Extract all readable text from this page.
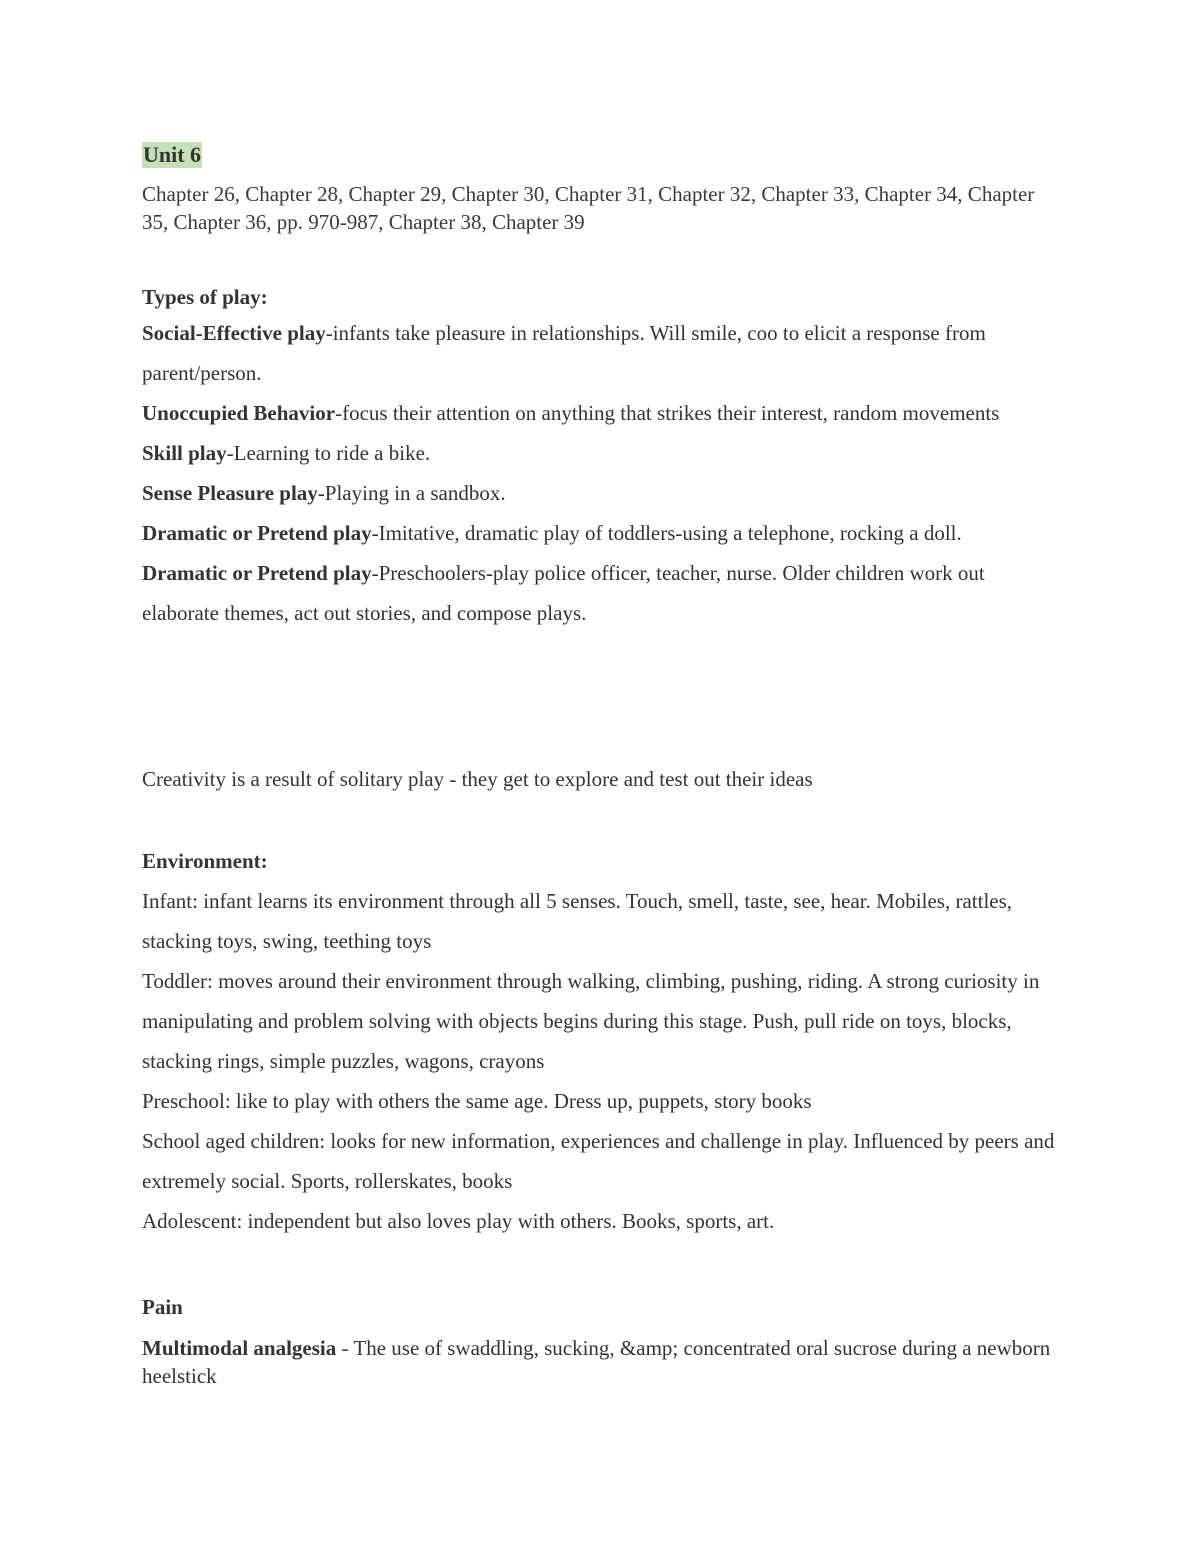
Unit 6
Chapter 26, Chapter 28, Chapter 29, Chapter 30, Chapter 31, Chapter 32, Chapter 33, Chapter 34, Chapter 35, Chapter 36, pp. 970-987, Chapter 38, Chapter 39
Types of play:
Social-Effective play-infants take pleasure in relationships. Will smile, coo to elicit a response from parent/person.
Unoccupied Behavior-focus their attention on anything that strikes their interest, random movements
Skill play-Learning to ride a bike.
Sense Pleasure play-Playing in a sandbox.
Dramatic or Pretend play-Imitative, dramatic play of toddlers-using a telephone, rocking a doll.
Dramatic or Pretend play-Preschoolers-play police officer, teacher, nurse. Older children work out elaborate themes, act out stories, and compose plays.
Creativity is a result of solitary play - they get to explore and test out their ideas
Environment:
Infant: infant learns its environment through all 5 senses. Touch, smell, taste, see, hear. Mobiles, rattles, stacking toys, swing, teething toys
Toddler: moves around their environment through walking, climbing, pushing, riding. A strong curiosity in manipulating and problem solving with objects begins during this stage. Push, pull ride on toys, blocks, stacking rings, simple puzzles, wagons, crayons
Preschool: like to play with others the same age. Dress up, puppets, story books
School aged children: looks for new information, experiences and challenge in play. Influenced by peers and extremely social. Sports, rollerskates, books
Adolescent: independent but also loves play with others. Books, sports, art.
Pain
Multimodal analgesia - The use of swaddling, sucking, &amp; concentrated oral sucrose during a newborn heelstick
